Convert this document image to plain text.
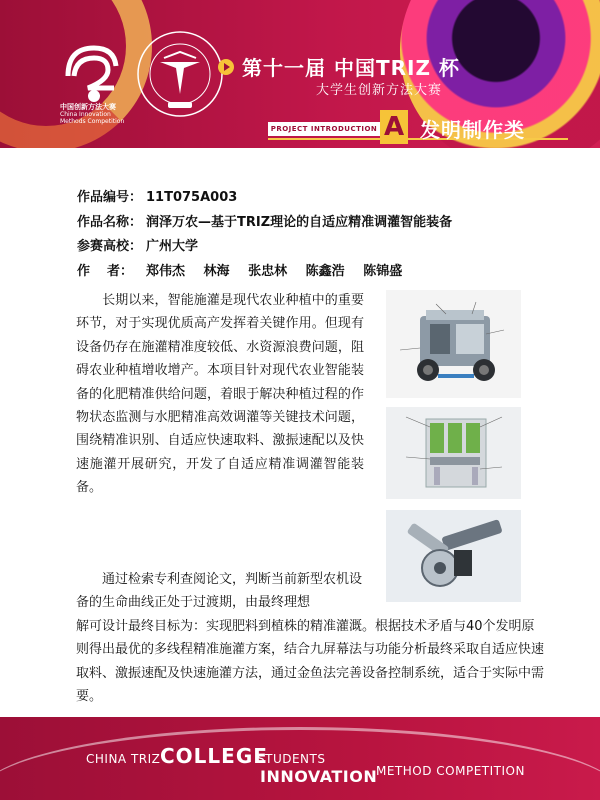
中国创新方法大赛
China Innovation
Methods Competition
第十一届 中国TRIZ 杯
大学生创新方法大赛
PROJECT INTRODUCTION A 发明制作类
作品编号： 11T075A003
作品名称： 润泽万农—基于TRIZ理论的自适应精准调灌智能装备
参赛高校： 广州大学
作 者： 郑伟杰 林海 张忠林 陈鑫浩 陈锦盛
长期以来，智能施灌是现代农业种植中的重要环节，对于实现优质高产发挥着关键作用。但现有设备仍存在施灌精准度较低、水资源浪费问题，阻碍农业种植增收增产。本项目针对现代农业智能装备的化肥精准供给问题，着眼于解决种植过程的作物状态监测与水肥精准高效调灌等关键技术问题，围绕精准识别、自适应快速取料、激振速配以及快速施灌开展研究，开发了自适应精准调灌智能装备。
通过检索专利查阅论文，判断当前新型农机设备的生命曲线正处于过渡期，由最终理想
解可设计最终目标为：实现肥料到植株的精准灌溉。根据技术矛盾与40个发明原则得出最优的多线程精准施灌方案，结合九屏幕法与功能分析最终采取自适应快速取料、激振速配及快速施灌方法，通过金鱼法完善设备控制系统，适合于实际中需要。
CHINA TRIZ COLLEGE
STUDENTS
INNOVATION
METHOD COMPETITION
